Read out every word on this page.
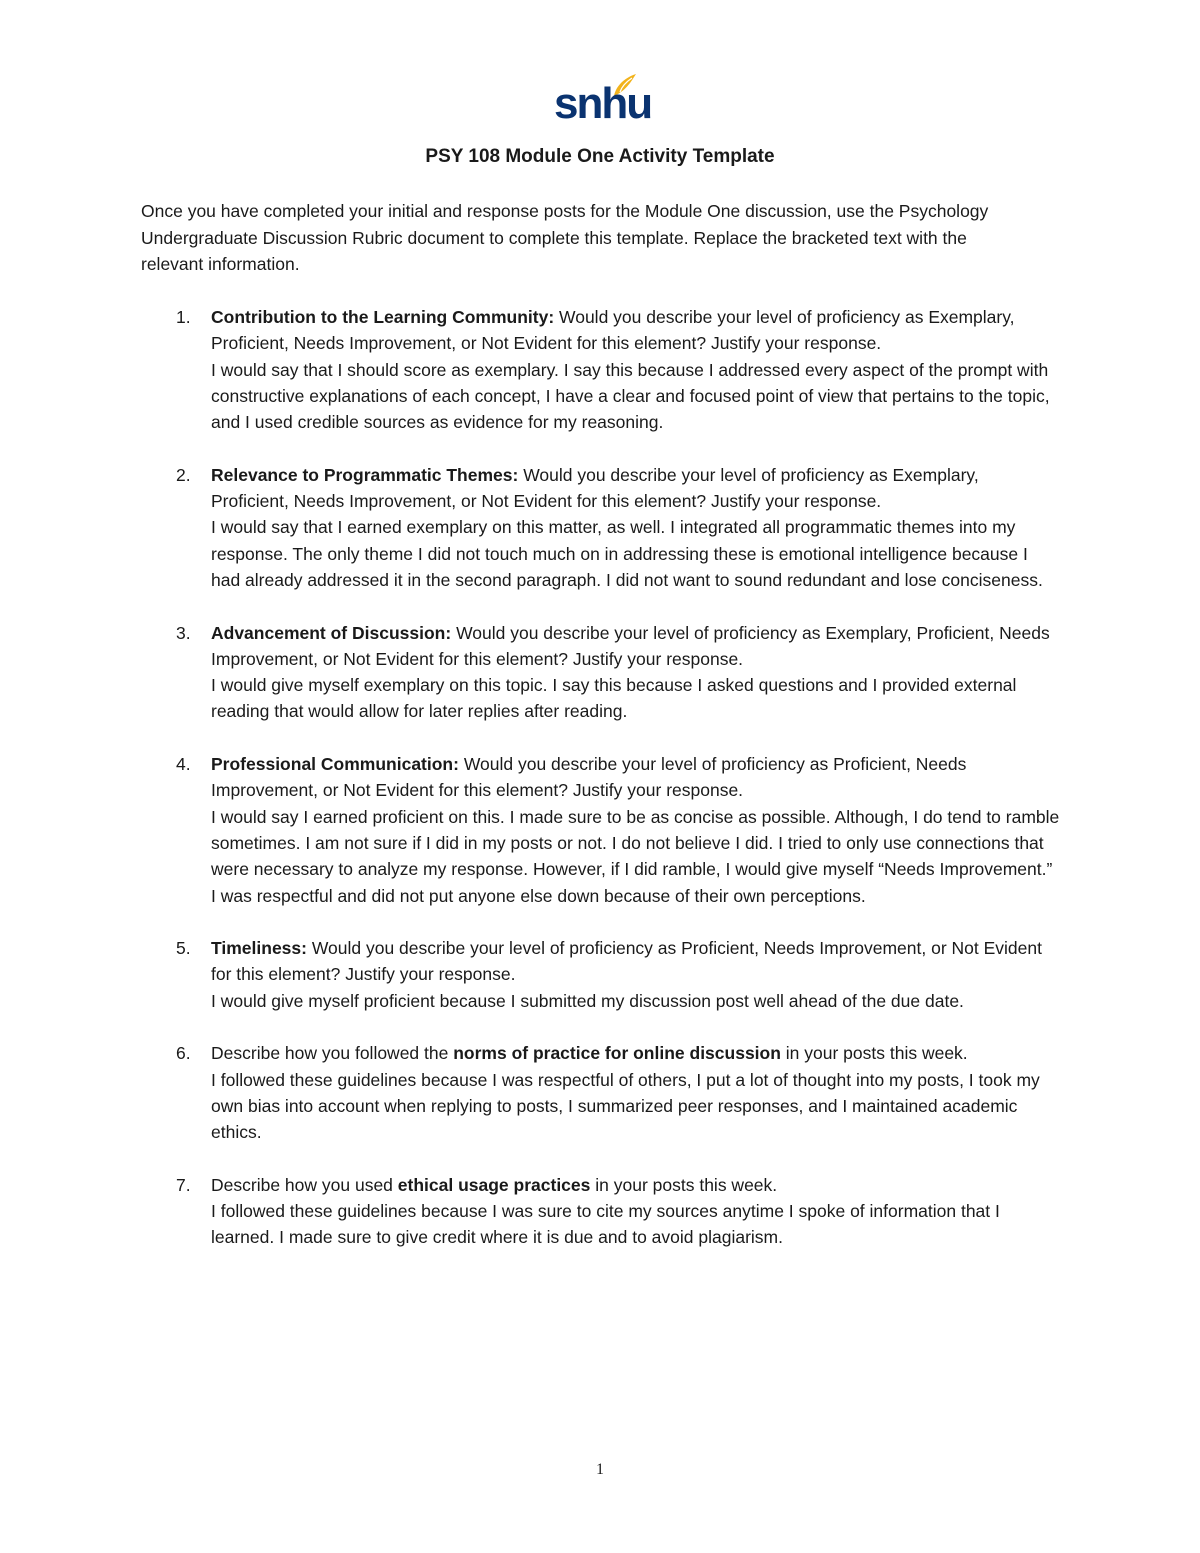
snhu
PSY 108 Module One Activity Template
Once you have completed your initial and response posts for the Module One discussion, use the Psychology Undergraduate Discussion Rubric document to complete this template. Replace the bracketed text with the relevant information.
1.	Contribution to the Learning Community: Would you describe your level of proficiency as Exemplary, Proficient, Needs Improvement, or Not Evident for this element? Justify your response.
I would say that I should score as exemplary. I say this because I addressed every aspect of the prompt with constructive explanations of each concept, I have a clear and focused point of view that pertains to the topic, and I used credible sources as evidence for my reasoning.
2.	Relevance to Programmatic Themes: Would you describe your level of proficiency as Exemplary, Proficient, Needs Improvement, or Not Evident for this element? Justify your response.
I would say that I earned exemplary on this matter, as well. I integrated all programmatic themes into my response. The only theme I did not touch much on in addressing these is emotional intelligence because I had already addressed it in the second paragraph. I did not want to sound redundant and lose conciseness.
3.	Advancement of Discussion: Would you describe your level of proficiency as Exemplary, Proficient, Needs Improvement, or Not Evident for this element? Justify your response.
I would give myself exemplary on this topic. I say this because I asked questions and I provided external reading that would allow for later replies after reading.
4.	Professional Communication: Would you describe your level of proficiency as Proficient, Needs Improvement, or Not Evident for this element? Justify your response.
I would say I earned proficient on this. I made sure to be as concise as possible. Although, I do tend to ramble sometimes. I am not sure if I did in my posts or not. I do not believe I did. I tried to only use connections that were necessary to analyze my response. However, if I did ramble, I would give myself “Needs Improvement.” I was respectful and did not put anyone else down because of their own perceptions.
5.	Timeliness: Would you describe your level of proficiency as Proficient, Needs Improvement, or Not Evident for this element? Justify your response.
I would give myself proficient because I submitted my discussion post well ahead of the due date.
6.	Describe how you followed the norms of practice for online discussion in your posts this week.
I followed these guidelines because I was respectful of others, I put a lot of thought into my posts, I took my own bias into account when replying to posts, I summarized peer responses, and I maintained academic ethics.
7.	Describe how you used ethical usage practices in your posts this week.
I followed these guidelines because I was sure to cite my sources anytime I spoke of information that I learned. I made sure to give credit where it is due and to avoid plagiarism.
1
